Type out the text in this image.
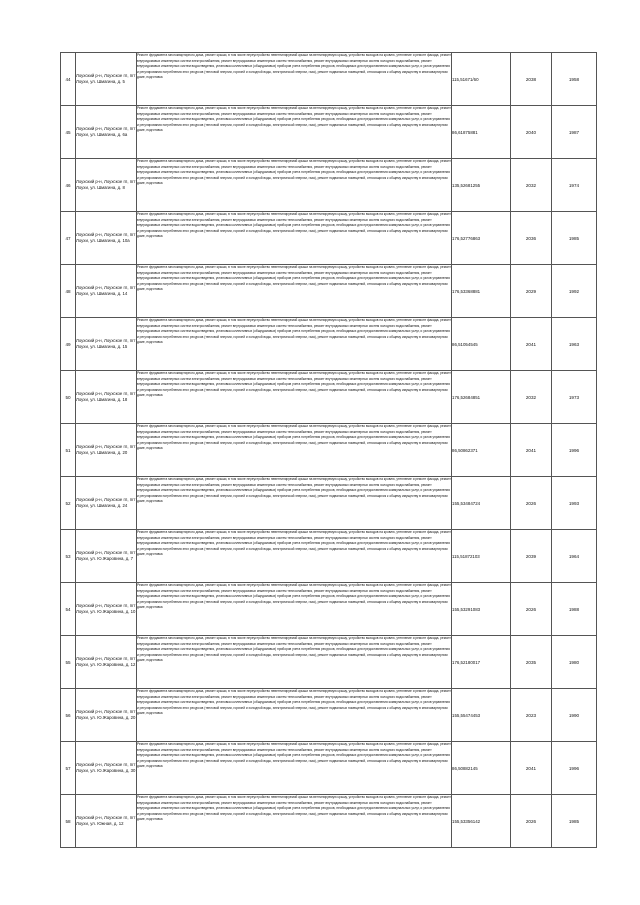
44	Лоухский р-н, Лоухское гп, пгт Лоухи, ул. Шмагина, д. 5	Ремонт фундамента многоквартирного дома, ремонт крыши, в том числе переустройство невентилируемой крыши на вентилируемую крышу, устройство выходов на кровлю, утепление и ремонт фасада, ремонт внутридомовых инженерных систем электроснабжения, ремонт внутридомовых инженерных систем теплоснабжения, ремонт внутридомовых инженерных систем холодного водоснабжения, ремонт внутридомовых инженерных систем водоотведения, установка коллективных (общедомовых) приборов учета потребления ресурсов, необходимых для предоставления коммунальных услуг, и узлов управления и регулирования потребления этих ресурсов (тепловой энергии, горячей и холодной воды, электрической энергии, газа), ремонт подвальных помещений, относящихся к общему имуществу в многоквартирном доме, подготовка	115,51671/60	2038	1958
45	Лоухский р-н, Лоухское гп, пгт Лоухи, ул. Шмагина, д. 6а	Ремонт фундамента многоквартирного дома, ремонт крыши, в том числе переустройство невентилируемой крыши на вентилируемую крышу, устройство выходов на кровлю, утепление и ремонт фасада, ремонт внутридомовых инженерных систем электроснабжения, ремонт внутридомовых инженерных систем теплоснабжения, ремонт внутридомовых инженерных систем холодного водоснабжения, ремонт внутридомовых инженерных систем водоотведения, установка коллективных (общедомовых) приборов учета потребления ресурсов, необходимых для предоставления коммунальных услуг, и узлов управления и регулирования потребления этих ресурсов (тепловой энергии, горячей и холодной воды, электрической энергии, газа), ремонт подвальных помещений, относящихся к общему имуществу в многоквартирном доме, подготовка	86,61875881	2040	1987
46	Лоухский р-н, Лоухское гп, пгт Лоухи, ул. Шмагина, д. 8	Ремонт фундамента многоквартирного дома, ремонт крыши, в том числе переустройство невентилируемой крыши на вентилируемую крышу, устройство выходов на кровлю, утепление и ремонт фасада, ремонт внутридомовых инженерных систем электроснабжения, ремонт внутридомовых инженерных систем теплоснабжения, ремонт внутридомовых инженерных систем холодного водоснабжения, ремонт внутридомовых инженерных систем водоотведения, установка коллективных (общедомовых) приборов учета потребления ресурсов, необходимых для предоставления коммунальных услуг, и узлов управления и регулирования потребления этих ресурсов (тепловой энергии, горячей и холодной воды, электрической энергии, газа), ремонт подвальных помещений, относящихся к общему имуществу в многоквартирном доме, подготовка	135,52681255	2032	1974
47	Лоухский р-н, Лоухское гп, пгт Лоухи, ул. Шмагина, д. 10а	Ремонт фундамента многоквартирного дома, ремонт крыши, в том числе переустройство невентилируемой крыши на вентилируемую крышу, устройство выходов на кровлю, утепление и ремонт фасада, ремонт внутридомовых инженерных систем электроснабжения, ремонт внутридомовых инженерных систем теплоснабжения, ремонт внутридомовых инженерных систем холодного водоснабжения, ремонт внутридомовых инженерных систем водоотведения, установка коллективных (общедомовых) приборов учета потребления ресурсов, необходимых для предоставления коммунальных услуг, и узлов управления и регулирования потребления этих ресурсов (тепловой энергии, горячей и холодной воды, электрической энергии, газа), ремонт подвальных помещений, относящихся к общему имуществу в многоквартирном доме, подготовка	176,52776863	2036	1985
48	Лоухский р-н, Лоухское гп, пгт Лоухи, ул. Шмагина, д. 14	Ремонт фундамента многоквартирного дома, ремонт крыши, в том числе переустройство невентилируемой крыши на вентилируемую крышу, устройство выходов на кровлю, утепление и ремонт фасада, ремонт внутридомовых инженерных систем электроснабжения, ремонт внутридомовых инженерных систем теплоснабжения, ремонт внутридомовых инженерных систем холодного водоснабжения, ремонт внутридомовых инженерных систем водоотведения, установка коллективных (общедомовых) приборов учета потребления ресурсов, необходимых для предоставления коммунальных услуг, и узлов управления и регулирования потребления этих ресурсов (тепловой энергии, горячей и холодной воды, электрической энергии, газа), ремонт подвальных помещений, относящихся к общему имуществу в многоквартирном доме, подготовка	176,53368881	2029	1992
49	Лоухский р-н, Лоухское гп, пгт Лоухи, ул. Шмагина, д. 15	Ремонт фундамента многоквартирного дома, ремонт крыши, в том числе переустройство невентилируемой крыши на вентилируемую крышу, устройство выходов на кровлю, утепление и ремонт фасада, ремонт внутридомовых инженерных систем электроснабжения, ремонт внутридомовых инженерных систем теплоснабжения, ремонт внутридомовых инженерных систем холодного водоснабжения, ремонт внутридомовых инженерных систем водоотведения, установка коллективных (общедомовых) приборов учета потребления ресурсов, необходимых для предоставления коммунальных услуг, и узлов управления и регулирования потребления этих ресурсов (тепловой энергии, горячей и холодной воды, электрической энергии, газа), ремонт подвальных помещений, относящихся к общему имуществу в многоквартирном доме, подготовка	86,51054545	2041	1963
50	Лоухский р-н, Лоухское гп, пгт Лоухи, ул. Шмагина, д. 18	Ремонт фундамента многоквартирного дома, ремонт крыши, в том числе переустройство невентилируемой крыши на вентилируемую крышу, устройство выходов на кровлю, утепление и ремонт фасада, ремонт внутридомовых инженерных систем электроснабжения, ремонт внутридомовых инженерных систем теплоснабжения, ремонт внутридомовых инженерных систем холодного водоснабжения, ремонт внутридомовых инженерных систем водоотведения, установка коллективных (общедомовых) приборов учета потребления ресурсов, необходимых для предоставления коммунальных услуг, и узлов управления и регулирования потребления этих ресурсов (тепловой энергии, горячей и холодной воды, электрической энергии, газа), ремонт подвальных помещений, относящихся к общему имуществу в многоквартирном доме, подготовка	176,52684851	2032	1973
51	Лоухский р-н, Лоухское гп, пгт Лоухи, ул. Шмагина, д. 20	Ремонт фундамента многоквартирного дома, ремонт крыши, в том числе переустройство невентилируемой крыши на вентилируемую крышу, устройство выходов на кровлю, утепление и ремонт фасада, ремонт внутридомовых инженерных систем электроснабжения, ремонт внутридомовых инженерных систем теплоснабжения, ремонт внутридомовых инженерных систем холодного водоснабжения, ремонт внутридомовых инженерных систем водоотведения, установка коллективных (общедомовых) приборов учета потребления ресурсов, необходимых для предоставления коммунальных услуг, и узлов управления и регулирования потребления этих ресурсов (тепловой энергии, горячей и холодной воды, электрической энергии, газа), ремонт подвальных помещений, относящихся к общему имуществу в многоквартирном доме, подготовка	86,50862371	2041	1996
52	Лоухский р-н, Лоухское гп, пгт Лоухи, ул. Шмагина, д. 24	Ремонт фундамента многоквартирного дома, ремонт крыши, в том числе переустройство невентилируемой крыши на вентилируемую крышу, устройство выходов на кровлю, утепление и ремонт фасада, ремонт внутридомовых инженерных систем электроснабжения, ремонт внутридомовых инженерных систем теплоснабжения, ремонт внутридомовых инженерных систем холодного водоснабжения, ремонт внутридомовых инженерных систем водоотведения, установка коллективных (общедомовых) приборов учета потребления ресурсов, необходимых для предоставления коммунальных услуг, и узлов управления и регулирования потребления этих ресурсов (тепловой энергии, горячей и холодной воды, электрической энергии, газа), ремонт подвальных помещений, относящихся к общему имуществу в многоквартирном доме, подготовка	155,53484724	2026	1993
53	Лоухский р-н, Лоухское гп, пгт Лоухи, ул. Ю.Жаровина, д. 7	Ремонт фундамента многоквартирного дома, ремонт крыши, в том числе переустройство невентилируемой крыши на вентилируемую крышу, устройство выходов на кровлю, утепление и ремонт фасада, ремонт внутридомовых инженерных систем электроснабжения, ремонт внутридомовых инженерных систем теплоснабжения, ремонт внутридомовых инженерных систем холодного водоснабжения, ремонт внутридомовых инженерных систем водоотведения, установка коллективных (общедомовых) приборов учета потребления ресурсов, необходимых для предоставления коммунальных услуг, и узлов управления и регулирования потребления этих ресурсов (тепловой энергии, горячей и холодной воды, электрической энергии, газа), ремонт подвальных помещений, относящихся к общему имуществу в многоквартирном доме, подготовка	115,51872103	2039	1964
54	Лоухский р-н, Лоухское гп, пгт Лоухи, ул. Ю.Жаровина, д. 10	Ремонт фундамента многоквартирного дома, ремонт крыши, в том числе переустройство невентилируемой крыши на вентилируемую крышу, устройство выходов на кровлю, утепление и ремонт фасада, ремонт внутридомовых инженерных систем электроснабжения, ремонт внутридомовых инженерных систем теплоснабжения, ремонт внутридомовых инженерных систем холодного водоснабжения, ремонт внутридомовых инженерных систем водоотведения, установка коллективных (общедомовых) приборов учета потребления ресурсов, необходимых для предоставления коммунальных услуг, и узлов управления и регулирования потребления этих ресурсов (тепловой энергии, горячей и холодной воды, электрической энергии, газа), ремонт подвальных помещений, относящихся к общему имуществу в многоквартирном доме, подготовка	155,53291083	2026	1988
55	Лоухский р-н, Лоухское гп, пгт Лоухи, ул. Ю.Жаровина, д. 12	Ремонт фундамента многоквартирного дома, ремонт крыши, в том числе переустройство невентилируемой крыши на вентилируемую крышу, устройство выходов на кровлю, утепление и ремонт фасада, ремонт внутридомовых инженерных систем электроснабжения, ремонт внутридомовых инженерных систем теплоснабжения, ремонт внутридомовых инженерных систем холодного водоснабжения, ремонт внутридомовых инженерных систем водоотведения, установка коллективных (общедомовых) приборов учета потребления ресурсов, необходимых для предоставления коммунальных услуг, и узлов управления и регулирования потребления этих ресурсов (тепловой энергии, горячей и холодной воды, электрической энергии, газа), ремонт подвальных помещений, относящихся к общему имуществу в многоквартирном доме, подготовка	176,52180017	2035	1980
56	Лоухский р-н, Лоухское гп, пгт Лоухи, ул. Ю.Жаровина, д. 20	Ремонт фундамента многоквартирного дома, ремонт крыши, в том числе переустройство невентилируемой крыши на вентилируемую крышу, устройство выходов на кровлю, утепление и ремонт фасада, ремонт внутридомовых инженерных систем электроснабжения, ремонт внутридомовых инженерных систем теплоснабжения, ремонт внутридомовых инженерных систем холодного водоснабжения, ремонт внутридомовых инженерных систем водоотведения, установка коллективных (общедомовых) приборов учета потребления ресурсов, необходимых для предоставления коммунальных услуг, и узлов управления и регулирования потребления этих ресурсов (тепловой энергии, горячей и холодной воды, электрической энергии, газа), ремонт подвальных помещений, относящихся к общему имуществу в многоквартирном доме, подготовка	155,55474453	2023	1990
57	Лоухский р-н, Лоухское гп, пгт Лоухи, ул. Ю.Жаровина, д. 30	Ремонт фундамента многоквартирного дома, ремонт крыши, в том числе переустройство невентилируемой крыши на вентилируемую крышу, устройство выходов на кровлю, утепление и ремонт фасада, ремонт внутридомовых инженерных систем электроснабжения, ремонт внутридомовых инженерных систем теплоснабжения, ремонт внутридомовых инженерных систем холодного водоснабжения, ремонт внутридомовых инженерных систем водоотведения, установка коллективных (общедомовых) приборов учета потребления ресурсов, необходимых для предоставления коммунальных услуг, и узлов управления и регулирования потребления этих ресурсов (тепловой энергии, горячей и холодной воды, электрической энергии, газа), ремонт подвальных помещений, относящихся к общему имуществу в многоквартирном доме, подготовка	86,50882145	2041	1996
58	Лоухский р-н, Лоухское гп, пгт Лоухи, ул. Южная, д. 12	Ремонт фундамента многоквартирного дома, ремонт крыши, в том числе переустройство невентилируемой крыши на вентилируемую крышу, устройство выходов на кровлю, утепление и ремонт фасада, ремонт внутридомовых инженерных систем электроснабжения, ремонт внутридомовых инженерных систем теплоснабжения, ремонт внутридомовых инженерных систем холодного водоснабжения, ремонт внутридомовых инженерных систем водоотведения, установка коллективных (общедомовых) приборов учета потребления ресурсов, необходимых для предоставления коммунальных услуг, и узлов управления и регулирования потребления этих ресурсов (тепловой энергии, горячей и холодной воды, электрической энергии, газа), ремонт подвальных помещений, относящихся к общему имуществу в многоквартирном доме, подготовка	155,53356142	2026	1985
